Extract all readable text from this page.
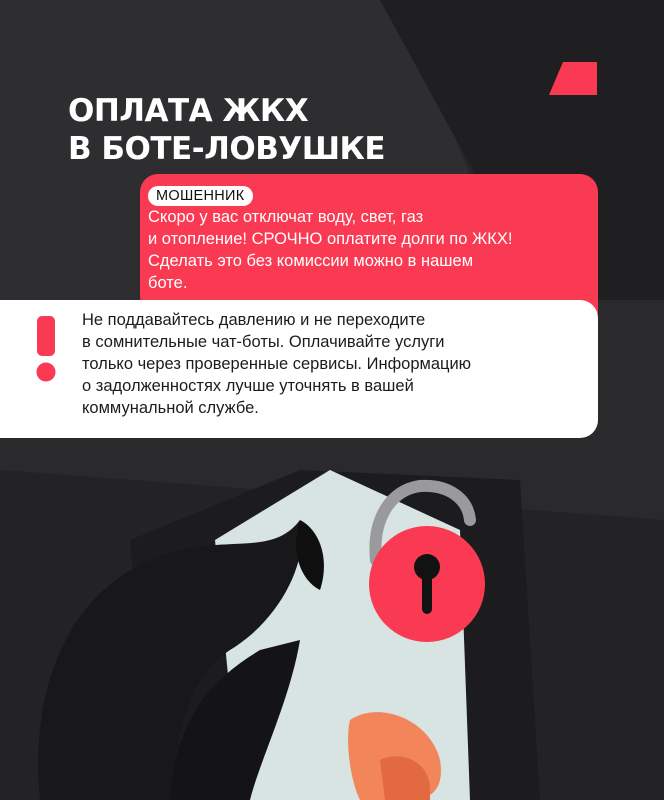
ОПЛАТА ЖКХ
В БОТЕ-ЛОВУШКЕ
МОШЕННИК
Скоро у вас отключат воду, свет, газ
и отопление! СРОЧНО оплатите долги по ЖКХ!
Сделать это без комиссии можно в нашем
боте.
Не поддавайтесь давлению и не переходите
в сомнительные чат-боты. Оплачивайте услуги
только через проверенные сервисы. Информацию
о задолженностях лучше уточнять в вашей
коммунальной службе.
